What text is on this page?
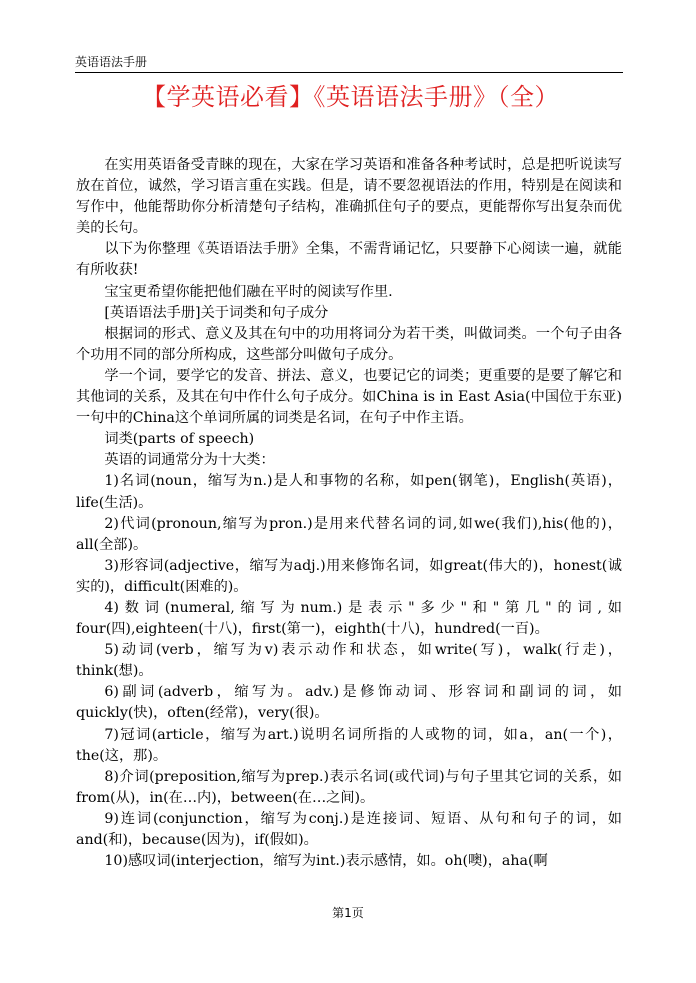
英语语法手册
【学英语必看】《英语语法手册》（全）

在实用英语备受青睐的现在，大家在学习英语和准备各种考试时，总是把听说读写放在首位，诚然，学习语言重在实践。但是，请不要忽视语法的作用，特别是在阅读和写作中，他能帮助你分析清楚句子结构，准确抓住句子的要点，更能帮你写出复杂而优美的长句。

以下为你整理《英语语法手册》全集，不需背诵记忆，只要静下心阅读一遍，就能有所收获!

宝宝更希望你能把他们融在平时的阅读写作里.

[英语语法手册]关于词类和句子成分

根据词的形式、意义及其在句中的功用将词分为若干类，叫做词类。一个句子由各个功用不同的部分所构成，这些部分叫做句子成分。

学一个词，要学它的发音、拼法、意义，也要记它的词类；更重要的是要了解它和其他词的关系，及其在句中作什么句子成分。如China is in East Asia(中国位于东亚)一句中的China这个单词所属的词类是名词，在句子中作主语。

词类(parts of speech)

英语的词通常分为十大类：

1)名词(noun，缩写为n.)是人和事物的名称，如pen(钢笔)，English(英语)，life(生活)。

2)代词(pronoun,缩写为pron.)是用来代替名词的词,如we(我们),his(他的)，all(全部)。

3)形容词(adjective，缩写为adj.)用来修饰名词，如great(伟大的)，honest(诚实的)，difficult(困难的)。

4)数词(numeral,缩写为num.)是表示"多少"和"第几"的词,如four(四),eighteen(十八)，first(第一)，eighth(十八)，hundred(一百)。

5)动词(verb，缩写为v)表示动作和状态，如write(写)，walk(行走)，think(想)。

6)副词(adverb，缩写为。adv.)是修饰动词、形容词和副词的词，如quickly(快)，often(经常)，very(很)。

7)冠词(article，缩写为art.)说明名词所指的人或物的词，如a，an(一个)，the(这，那)。

8)介词(preposition,缩写为prep.)表示名词(或代词)与句子里其它词的关系，如from(从)，in(在…内)，between(在…之间)。

9)连词(conjunction，缩写为conj.)是连接词、短语、从句和句子的词，如and(和)，because(因为)，if(假如)。

10)感叹词(interjection，缩写为int.)表示感情，如。oh(噢)，aha(啊

第1页
